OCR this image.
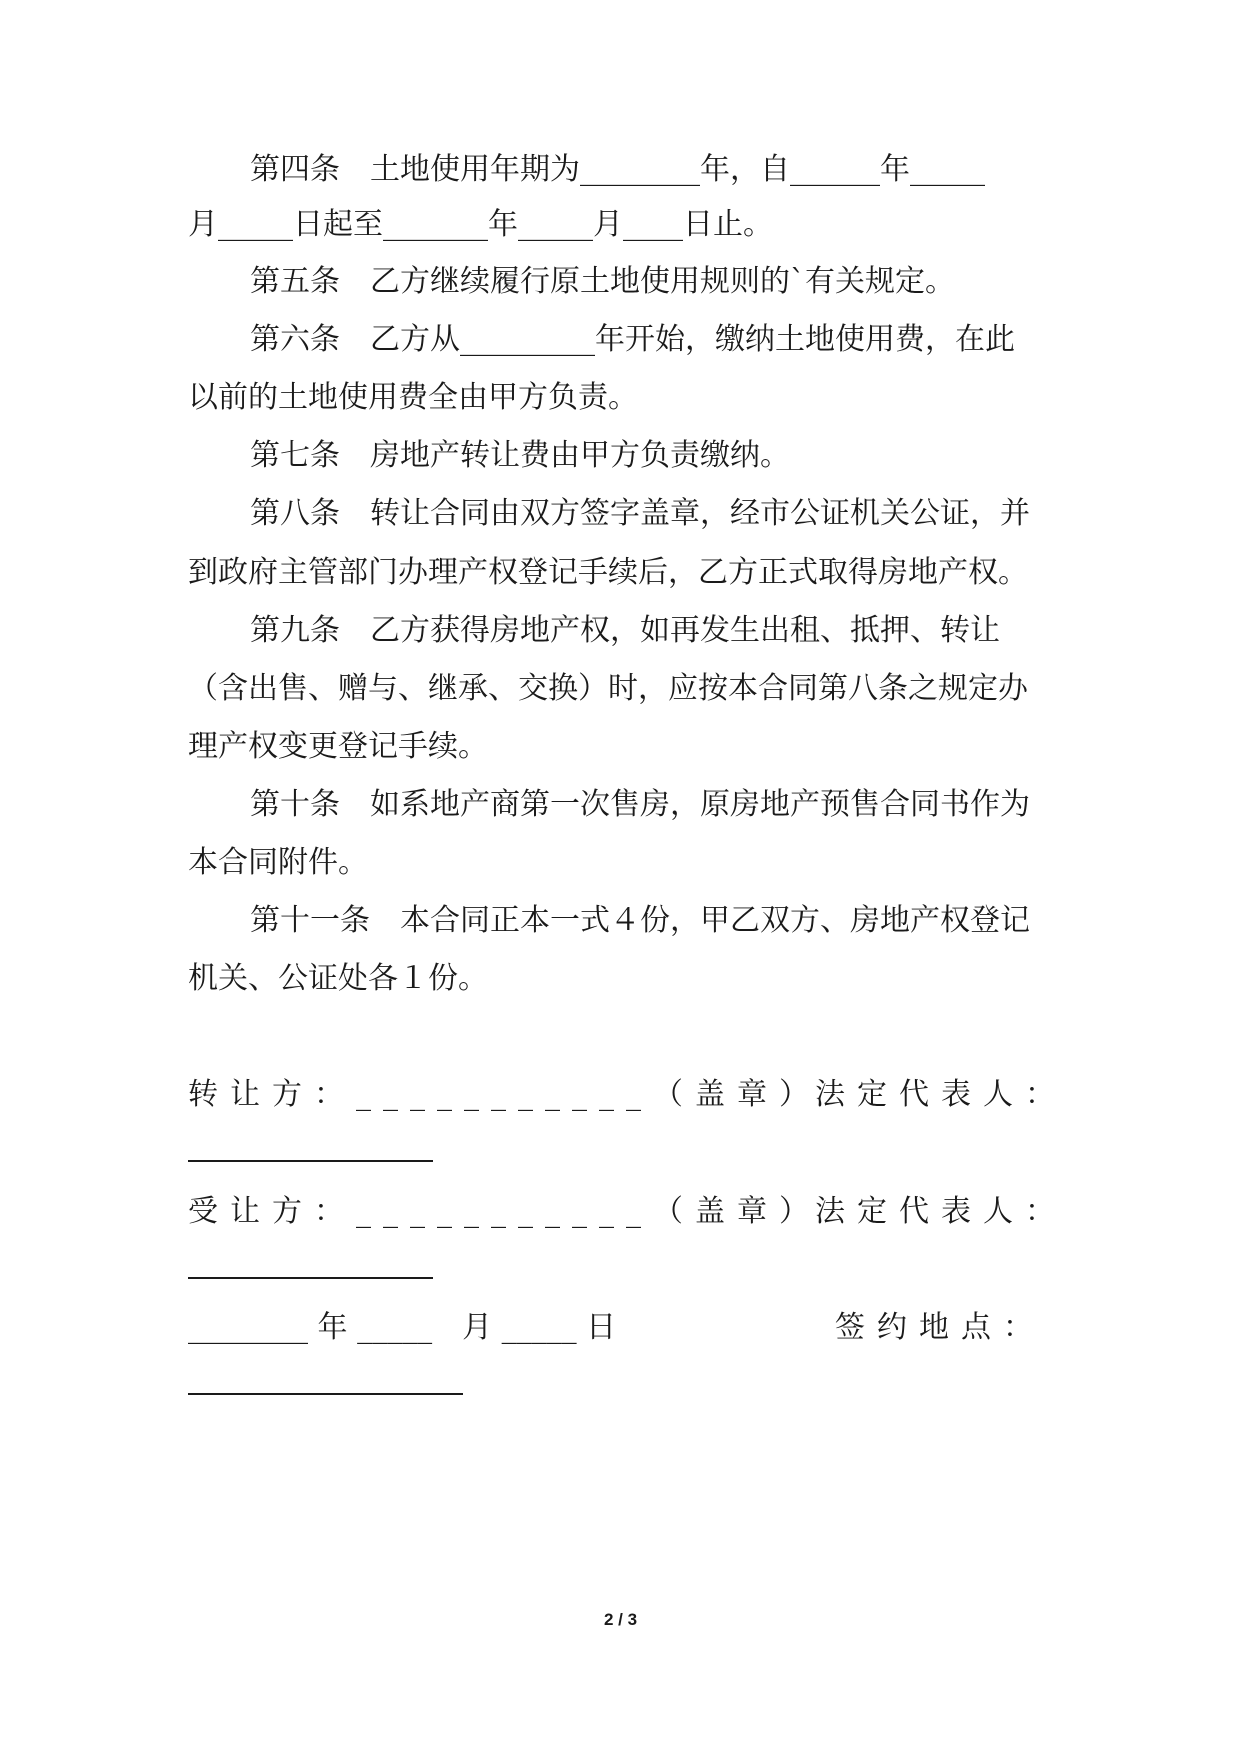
第四条　土地使用年期为________年，自______年_____
月_____日起至_______年_____月____日止。
第五条　乙方继续履行原土地使用规则的`有关规定。
第六条　乙方从_________年开始，缴纳土地使用费，在此
以前的土地使用费全由甲方负责。
第七条　房地产转让费由甲方负责缴纳。
第八条　转让合同由双方签字盖章，经市公证机关公证，并
到政府主管部门办理产权登记手续后，乙方正式取得房地产权。
第九条　乙方获得房地产权，如再发生出租、抵押、转让
（含出售、赠与、继承、交换）时，应按本合同第八条之规定办
理产权变更登记手续。
第十条　如系地产商第一次售房，原房地产预售合同书作为
本合同附件。
第十一条　本合同正本一式４份，甲乙双方、房地产权登记
机关、公证处各１份。
转让方：___________（盖章）
法定代表人：
受让方：___________（盖章）
法定代表人：
________ 年 _____　月 _____ 日	签约地点：
2 / 3
